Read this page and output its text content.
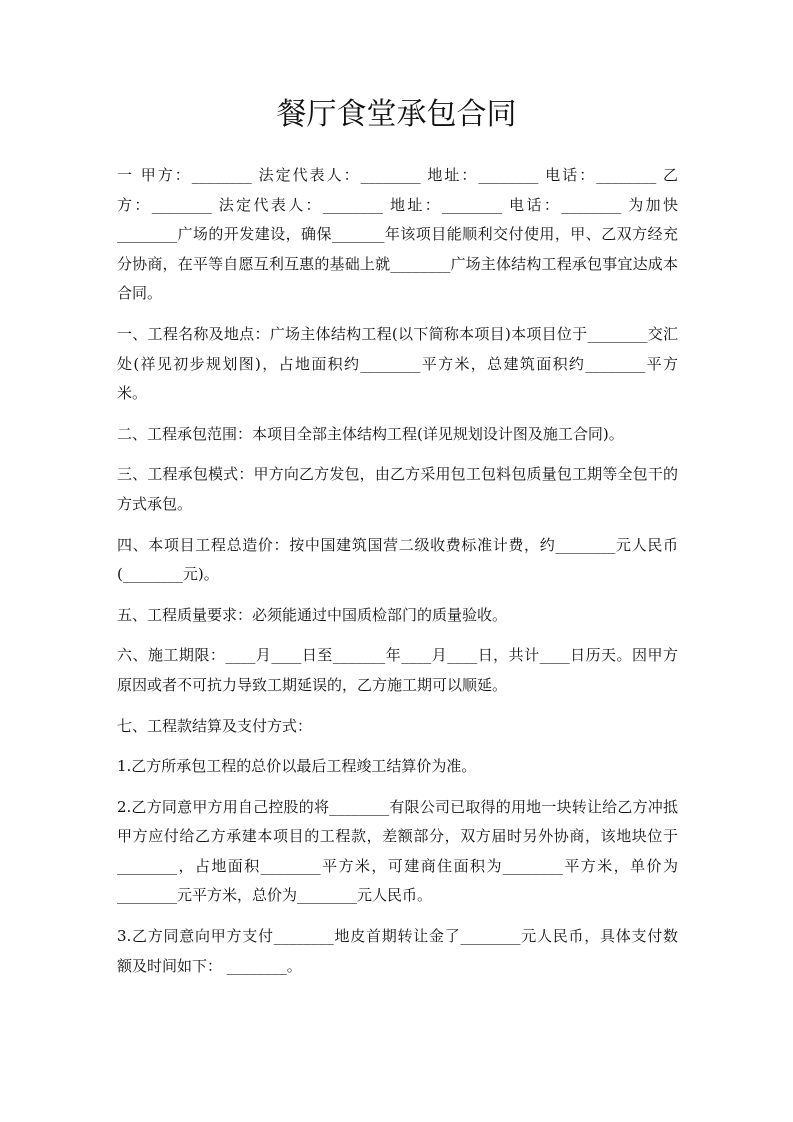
餐厅食堂承包合同

一 甲方：________ 法定代表人：________ 地址：________ 电话：________ 乙
方：________ 法定代表人：________ 地址：________ 电话：________ 为加快
________广场的开发建设，确保_______年该项目能顺利交付使用，甲、乙双方经充
分协商，在平等自愿互利互惠的基础上就________广场主体结构工程承包事宜达成本
合同。

一、工程名称及地点：广场主体结构工程(以下简称本项目)本项目位于________交汇
处(祥见初步规划图)，占地面积约________平方米，总建筑面积约________平方
米。

二、工程承包范围：本项目全部主体结构工程(详见规划设计图及施工合同)。

三、工程承包模式：甲方向乙方发包，由乙方采用包工包料包质量包工期等全包干的
方式承包。

四、本项目工程总造价：按中国建筑国营二级收费标准计费，约________元人民币
(________元)。

五、工程质量要求：必须能通过中国质检部门的质量验收。

六、施工期限：____月____日至_______年____月____日，共计____日历天。因甲方
原因或者不可抗力导致工期延误的，乙方施工期可以顺延。

七、工程款结算及支付方式：

1.乙方所承包工程的总价以最后工程竣工结算价为准。

2.乙方同意甲方用自己控股的将________有限公司已取得的用地一块转让给乙方冲抵
甲方应付给乙方承建本项目的工程款，差额部分，双方届时另外协商，该地块位于
________，占地面积________平方米，可建商住面积为________平方米，单价为
________元平方米，总价为________元人民币。

3.乙方同意向甲方支付________地皮首期转让金了________元人民币，具体支付数
额及时间如下： ________。
